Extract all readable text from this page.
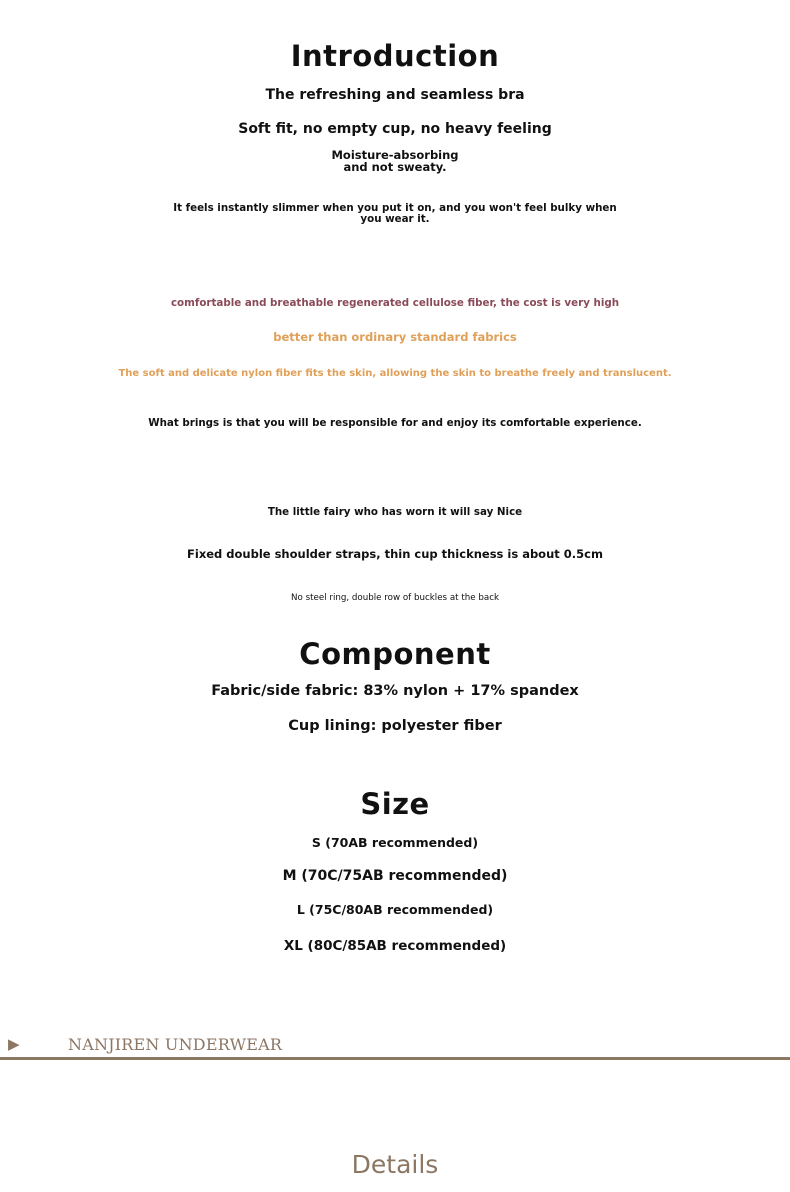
Introduction
The refreshing and seamless bra
Soft fit, no empty cup, no heavy feeling
Moisture-absorbing
and not sweaty.
It feels instantly slimmer when you put it on, and you won't feel bulky when
you wear it.
comfortable and breathable regenerated cellulose fiber, the cost is very high
better than ordinary standard fabrics
The soft and delicate nylon fiber fits the skin, allowing the skin to breathe freely and translucent.
What brings is that you will be responsible for and enjoy its comfortable experience.
The little fairy who has worn it will say Nice
Fixed double shoulder straps, thin cup thickness is about 0.5cm
No steel ring, double row of buckles at the back
Component
Fabric/side fabric: 83% nylon + 17% spandex
Cup lining: polyester fiber
Size
S (70AB recommended)
M (70C/75AB recommended)
L (75C/80AB recommended)
XL (80C/85AB recommended)
▶	NANJIREN UNDERWEAR
Details
